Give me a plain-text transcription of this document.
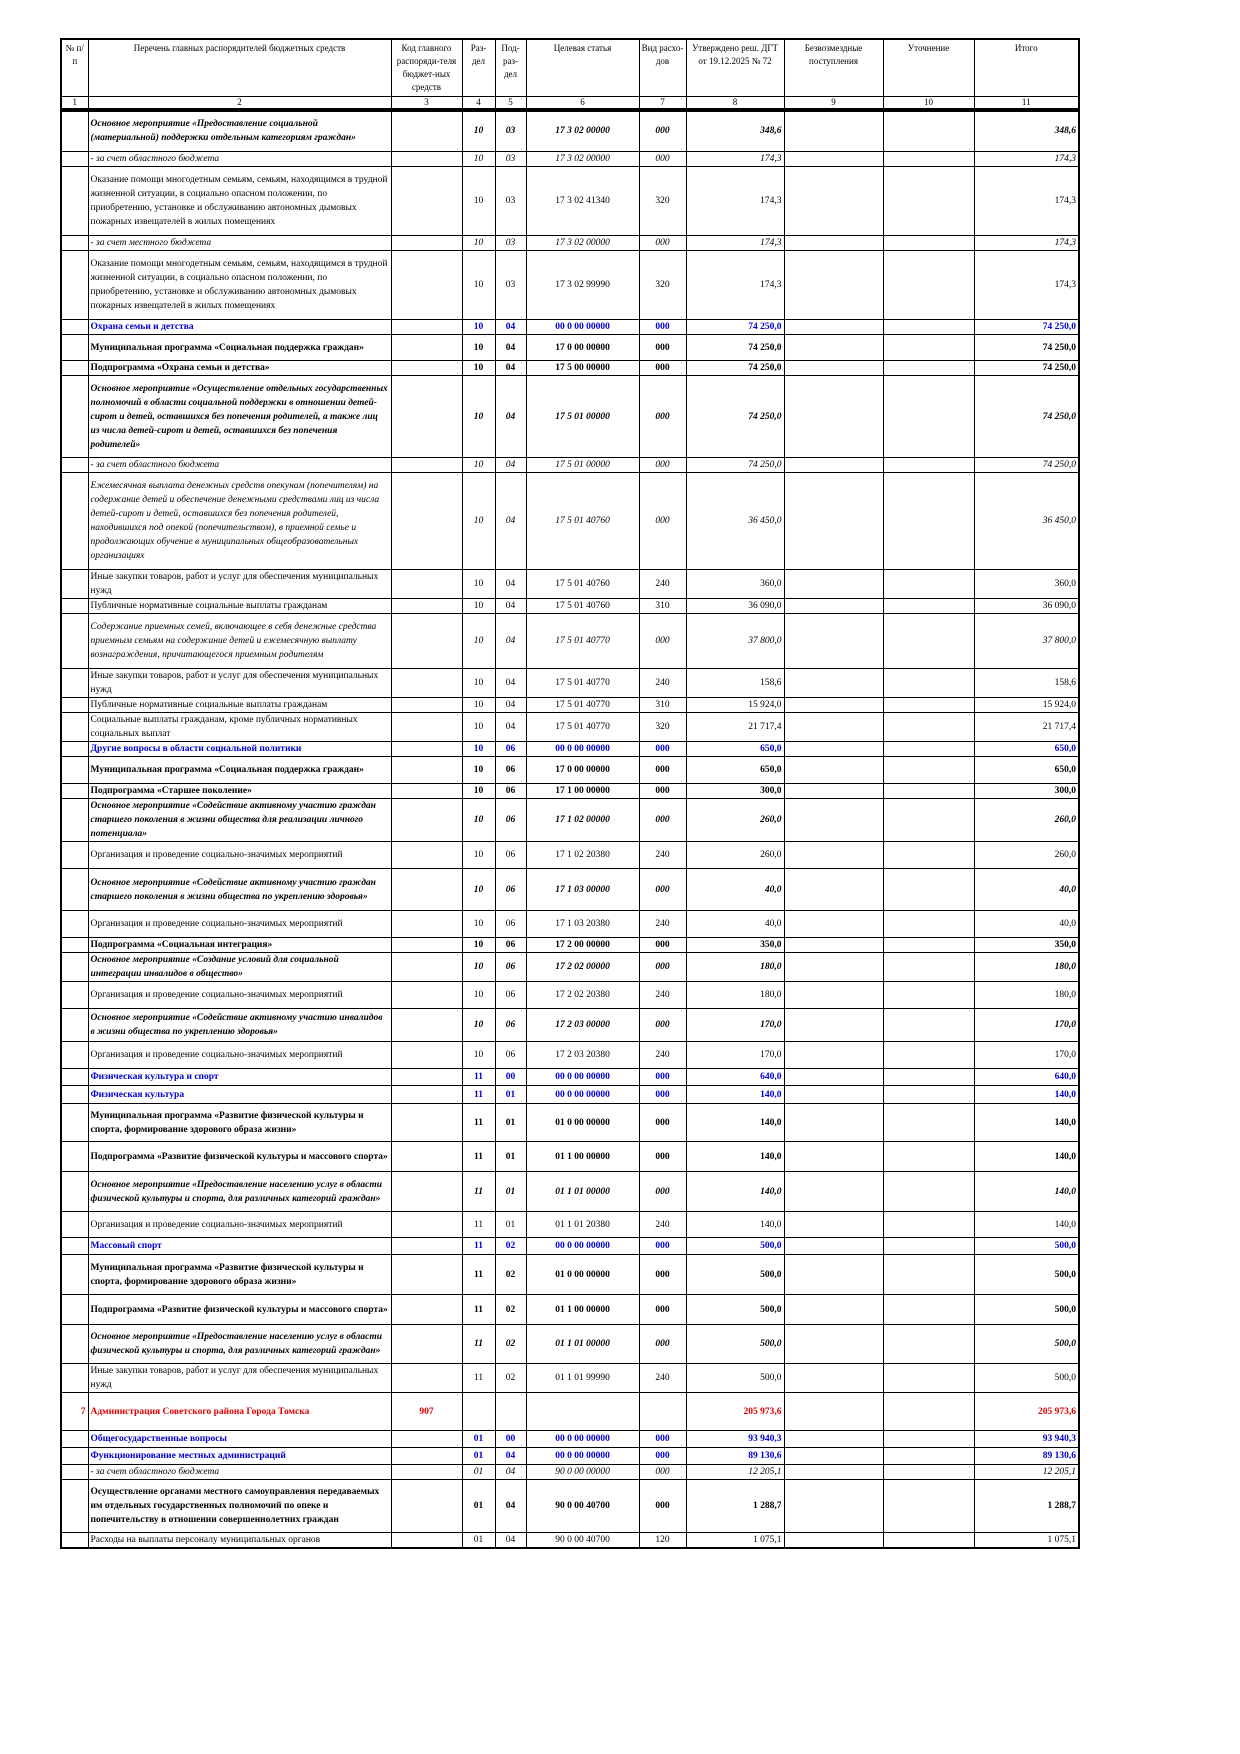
№ п/п	Перечень главных распорядителей бюджетных средств	Код главного распоряди-теля бюджет-ных средств	Раз-дел	Под-раз-дел	Целевая статья	Вид расхо-дов	Утверждено реш. ДГТ от 19.12.2025 № 72	Безвозмездные поступления	Уточнение	Итого
1	2	3	4	5	6	7	8	9	10	11
	Основное мероприятие «Предоставление социальной (материальной) поддержки отдельным категориям граждан»		10	03	17 3 02 00000	000	348,6			348,6
	- за счет областного бюджета		10	03	17 3 02 00000	000	174,3			174,3
	Оказание помощи многодетным семьям, семьям, находящимся в трудной жизненной ситуации, в социально опасном положении, по приобретению, установке и обслуживанию автономных дымовых пожарных извещателей в жилых помещениях		10	03	17 3 02 41340	320	174,3			174,3
	- за счет местного бюджета		10	03	17 3 02 00000	000	174,3			174,3
	Оказание помощи многодетным семьям, семьям, находящимся в трудной жизненной ситуации, в социально опасном положении, по приобретению, установке и обслуживанию автономных дымовых пожарных извещателей в жилых помещениях		10	03	17 3 02 99990	320	174,3			174,3
	Охрана семьи и детства		10	04	00 0 00 00000	000	74 250,0			74 250,0
	Муниципальная программа «Социальная поддержка граждан»		10	04	17 0 00 00000	000	74 250,0			74 250,0
	Подпрограмма «Охрана семьи и детства»		10	04	17 5 00 00000	000	74 250,0			74 250,0
	Основное мероприятие «Осуществление отдельных государственных полномочий в области социальной поддержки в отношении детей-сирот и детей, оставшихся без попечения родителей, а также лиц из числа детей-сирот и детей, оставшихся без попечения родителей»		10	04	17 5 01 00000	000	74 250,0			74 250,0
	- за счет областного бюджета		10	04	17 5 01 00000	000	74 250,0			74 250,0
	Ежемесячная выплата денежных средств опекунам (попечителям) на содержание детей и обеспечение денежными средствами лиц из числа детей-сирот и детей, оставшихся без попечения родителей, находившихся под опекой (попечительством), в приемной семье и продолжающих обучение в муниципальных общеобразовательных организациях		10	04	17 5 01 40760	000	36 450,0			36 450,0
	Иные закупки товаров, работ и услуг для обеспечения муниципальных нужд		10	04	17 5 01 40760	240	360,0			360,0
	Публичные нормативные социальные выплаты гражданам		10	04	17 5 01 40760	310	36 090,0			36 090,0
	Содержание приемных семей, включающее в себя денежные средства приемным семьям на содержание детей и ежемесячную выплату вознаграждения, причитающегося приемным родителям		10	04	17 5 01 40770	000	37 800,0			37 800,0
	Иные закупки товаров, работ и услуг для обеспечения муниципальных нужд		10	04	17 5 01 40770	240	158,6			158,6
	Публичные нормативные социальные выплаты гражданам		10	04	17 5 01 40770	310	15 924,0			15 924,0
	Социальные выплаты гражданам, кроме публичных нормативных социальных выплат		10	04	17 5 01 40770	320	21 717,4			21 717,4
	Другие вопросы в области социальной политики		10	06	00 0 00 00000	000	650,0			650,0
	Муниципальная программа «Социальная поддержка граждан»		10	06	17 0 00 00000	000	650,0			650,0
	Подпрограмма «Старшее поколение»		10	06	17 1 00 00000	000	300,0			300,0
	Основное мероприятие «Содействие активному участию граждан старшего поколения в жизни общества для реализации личного потенциала»		10	06	17 1 02 00000	000	260,0			260,0
	Организация и проведение социально-значимых мероприятий		10	06	17 1 02 20380	240	260,0			260,0
	Основное мероприятие «Содействие активному участию граждан старшего поколения в жизни общества по укреплению здоровья»		10	06	17 1 03 00000	000	40,0			40,0
	Организация и проведение социально-значимых мероприятий		10	06	17 1 03 20380	240	40,0			40,0
	Подпрограмма «Социальная интеграция»		10	06	17 2 00 00000	000	350,0			350,0
	Основное мероприятие «Создание условий для социальной интеграции инвалидов в общество»		10	06	17 2 02 00000	000	180,0			180,0
	Организация и проведение социально-значимых мероприятий		10	06	17 2 02 20380	240	180,0			180,0
	Основное мероприятие «Содействие активному участию инвалидов в жизни общества по укреплению здоровья»		10	06	17 2 03 00000	000	170,0			170,0
	Организация и проведение социально-значимых мероприятий		10	06	17 2 03 20380	240	170,0			170,0
	Физическая культура и спорт		11	00	00 0 00 00000	000	640,0			640,0
	Физическая культура		11	01	00 0 00 00000	000	140,0			140,0
	Муниципальная программа «Развитие физической культуры и спорта, формирование здорового образа жизни»		11	01	01 0 00 00000	000	140,0			140,0
	Подпрограмма «Развитие физической культуры и массового спорта»		11	01	01 1 00 00000	000	140,0			140,0
	Основное мероприятие «Предоставление населению услуг в области физической культуры и спорта, для различных категорий граждан»		11	01	01 1 01 00000	000	140,0			140,0
	Организация и проведение социально-значимых мероприятий		11	01	01 1 01 20380	240	140,0			140,0
	Массовый спорт		11	02	00 0 00 00000	000	500,0			500,0
	Муниципальная программа «Развитие физической культуры и спорта, формирование здорового образа жизни»		11	02	01 0 00 00000	000	500,0			500,0
	Подпрограмма «Развитие физической культуры и массового спорта»		11	02	01 1 00 00000	000	500,0			500,0
	Основное мероприятие «Предоставление населению услуг в области физической культуры и спорта, для различных категорий граждан»		11	02	01 1 01 00000	000	500,0			500,0
	Иные закупки товаров, работ и услуг для обеспечения муниципальных нужд		11	02	01 1 01 99990	240	500,0			500,0
7	Администрация Советского района Города Томска	907					205 973,6			205 973,6
	Общегосударственные вопросы		01	00	00 0 00 00000	000	93 940,3			93 940,3
	Функционирование местных администраций		01	04	00 0 00 00000	000	89 130,6			89 130,6
	- за счет областного бюджета		01	04	90 0 00 00000	000	12 205,1			12 205,1
	Осуществление органами местного самоуправления передаваемых им отдельных государственных полномочий по опеке и попечительству в отношении совершеннолетних граждан		01	04	90 0 00 40700	000	1 288,7			1 288,7
	Расходы на выплаты персоналу муниципальных органов		01	04	90 0 00 40700	120	1 075,1			1 075,1
